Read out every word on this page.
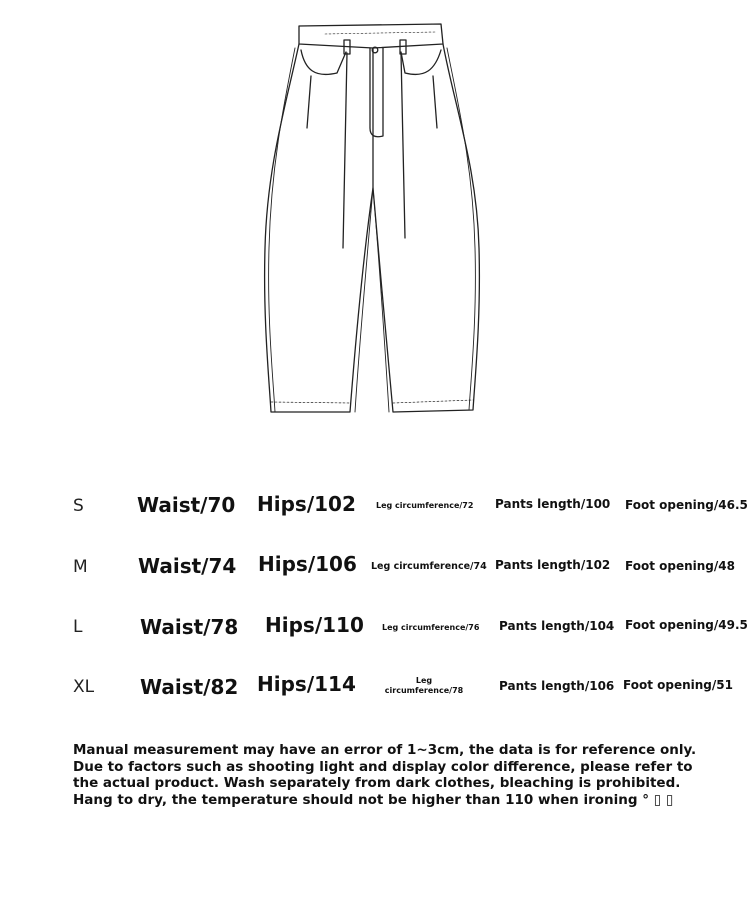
S	Waist/70 Hips/102	Leg circumference/72 Pants length/100 Foot opening/46.5
M	Waist/74 Hips/106 Leg circumference/74 Pants length/102 Foot opening/48
L	Waist/78 Hips/110 Leg circumference/76 Pants length/104 Foot opening/49.5
XL Waist/82 Hips/114	Leg
circumference/78	Pants length/106 Foot opening/51
Manual measurement may have an error of 1~3cm, the data is for reference only.
Due to factors such as shooting light and display color difference, please refer to
the actual product. Wash separately from dark clothes, bleaching is prohibited.
Hang to dry, the temperature should not be higher than 110 when ironing ° ▯ ▯
